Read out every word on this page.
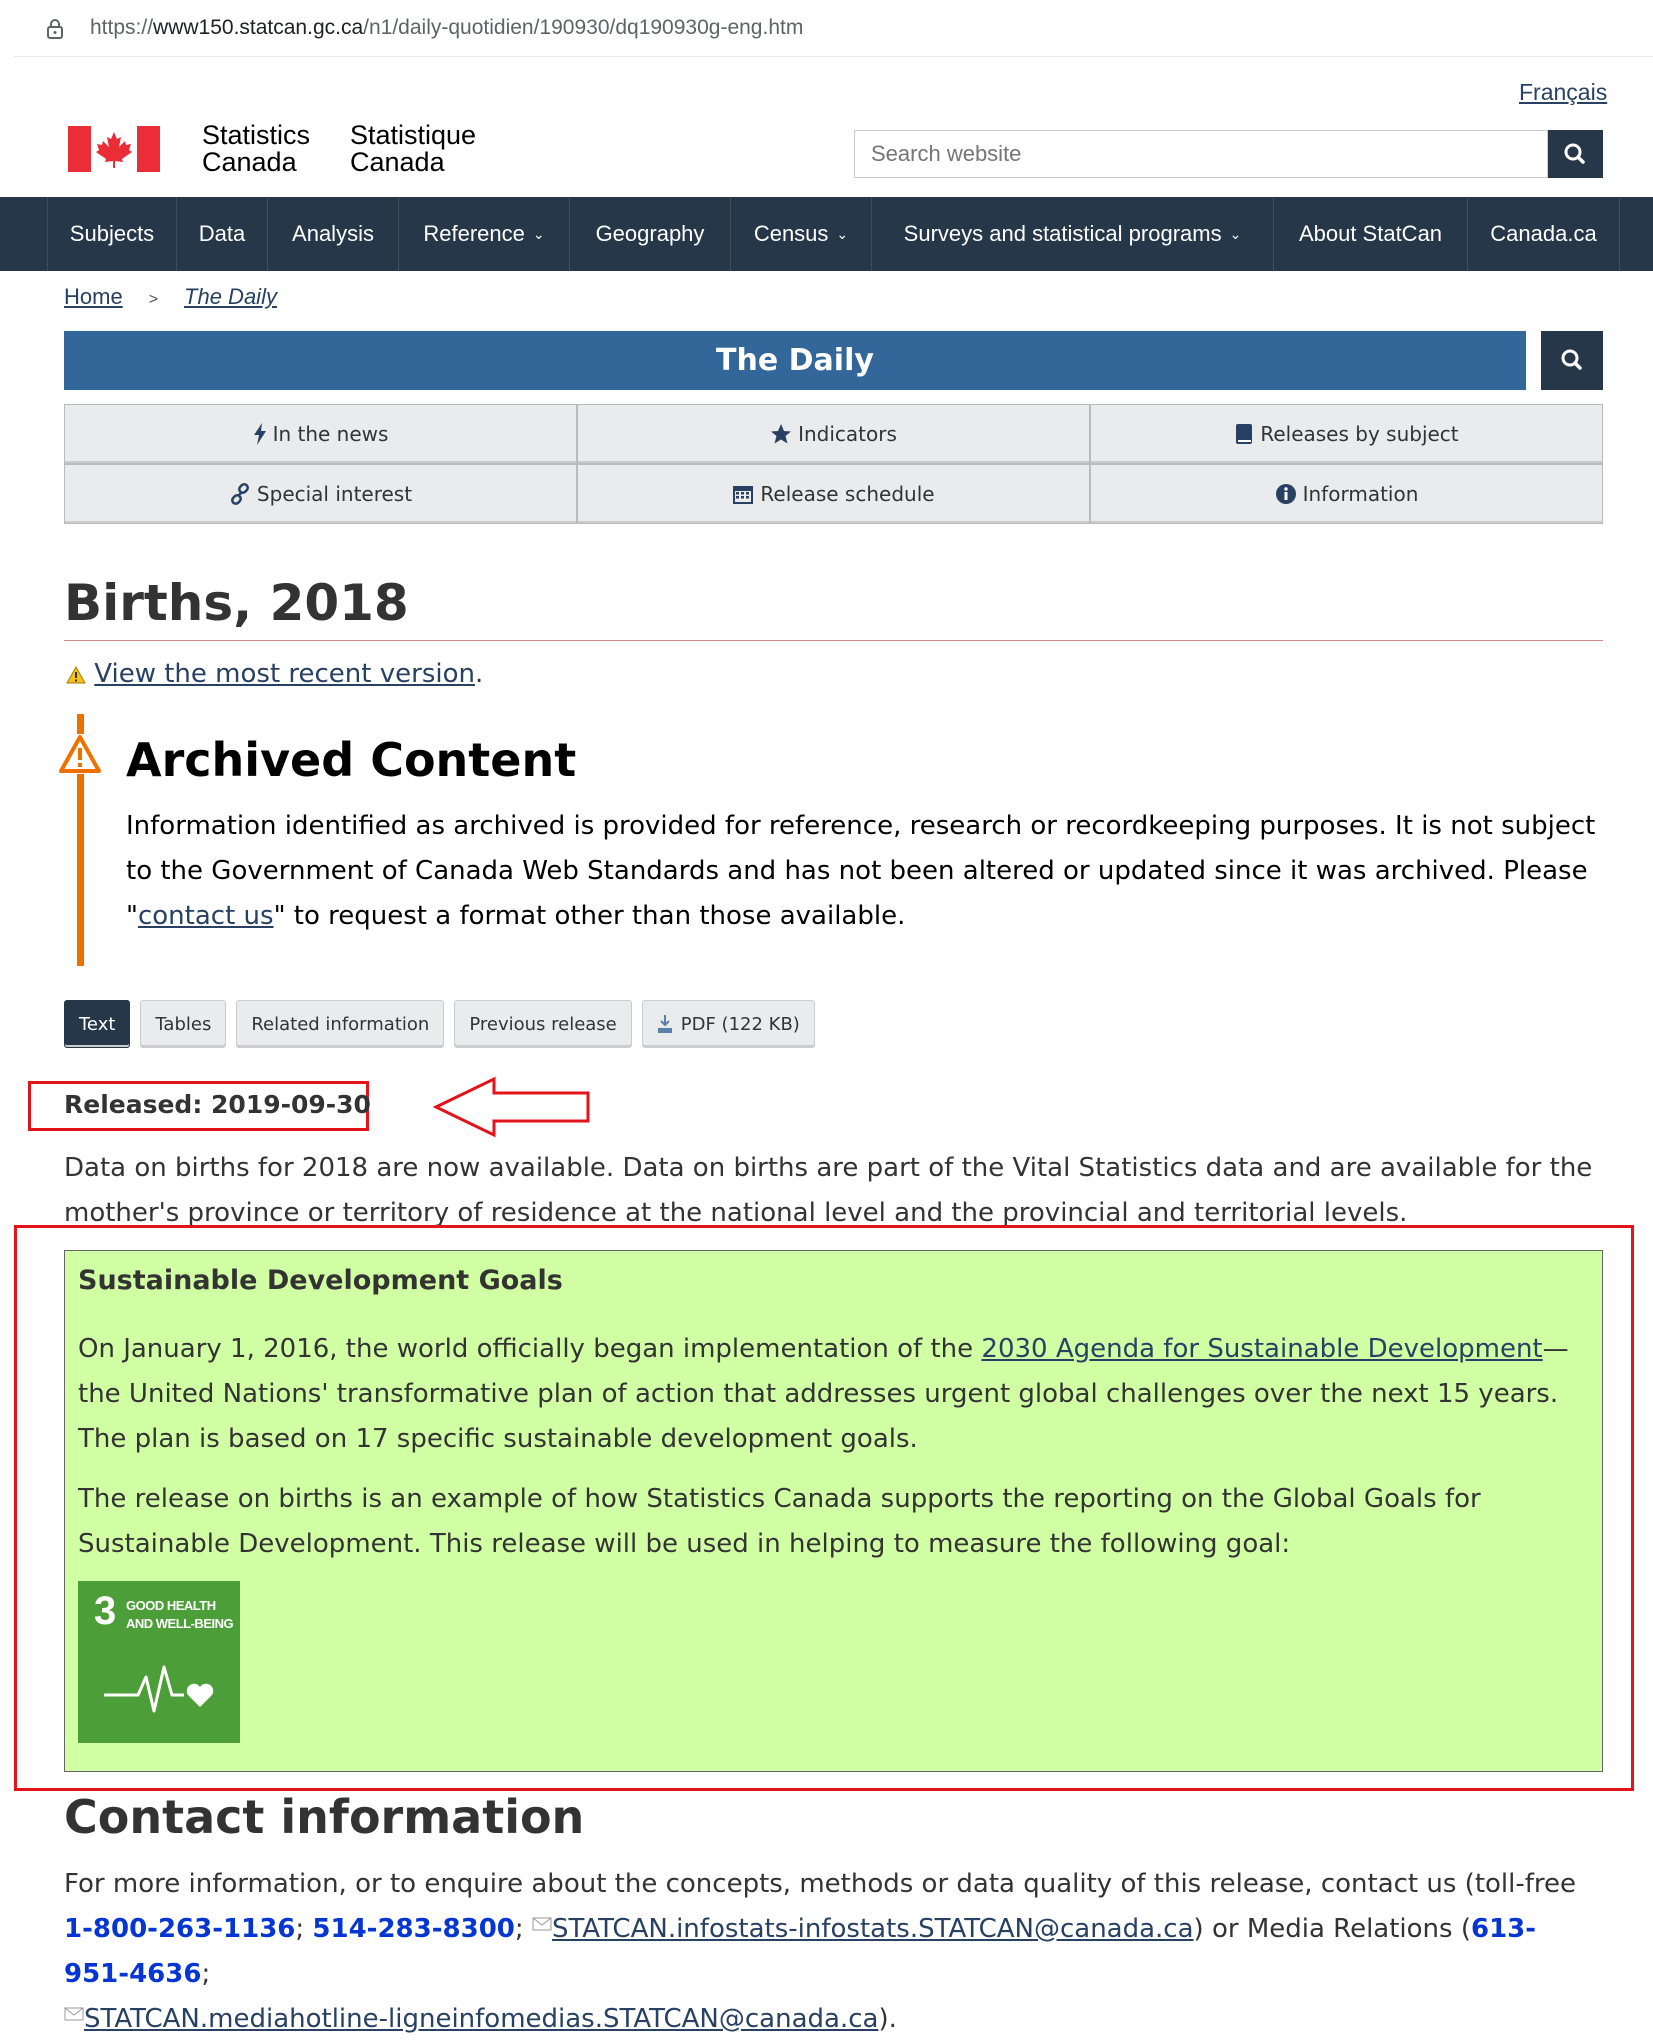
https://www150.statcan.gc.ca/n1/daily-quotidien/190930/dq190930g-eng.htm
Français
Statistics
Canada
Statistique
Canada
Search website
Subjects Data Analysis Reference ⌄ Geography Census ⌄	Surveys and statistical programs ⌄	About StatCan Canada.ca
Home > The Daily
The Daily
In the news	Indicators	Releases by subject
Special interest	Release schedule	Information
Births, 2018
View the most recent version.
Archived Content

Information identified as archived is provided for reference, research or recordkeeping purposes. It is not subject to the Government of Canada Web Standards and has not been altered or updated since it was archived. Please "contact us" to request a format other than those available.

Text	Tables	Related information	Previous release	PDF (122 KB)
Released: 2019-09-30

Data on births for 2018 are now available. Data on births are part of the Vital Statistics data and are available for the mother's province or territory of residence at the national level and the provincial and territorial levels.

Sustainable Development Goals

On January 1, 2016, the world officially began implementation of the 2030 Agenda for Sustainable Development—the United Nations' transformative plan of action that addresses urgent global challenges over the next 15 years. The plan is based on 17 specific sustainable development goals.

The release on births is an example of how Statistics Canada supports the reporting on the Global Goals for Sustainable Development. This release will be used in helping to measure the following goal:

3 GOOD HEALTH
AND WELL-BEING
Contact information

For more information, or to enquire about the concepts, methods or data quality of this release, contact us (toll-free 1-800-263-1136; 514-283-8300; STATCAN.infostats-infostats.STATCAN@canada.ca) or Media Relations (613-951-4636;
STATCAN.mediahotline-ligneinfomedias.STATCAN@canada.ca).
